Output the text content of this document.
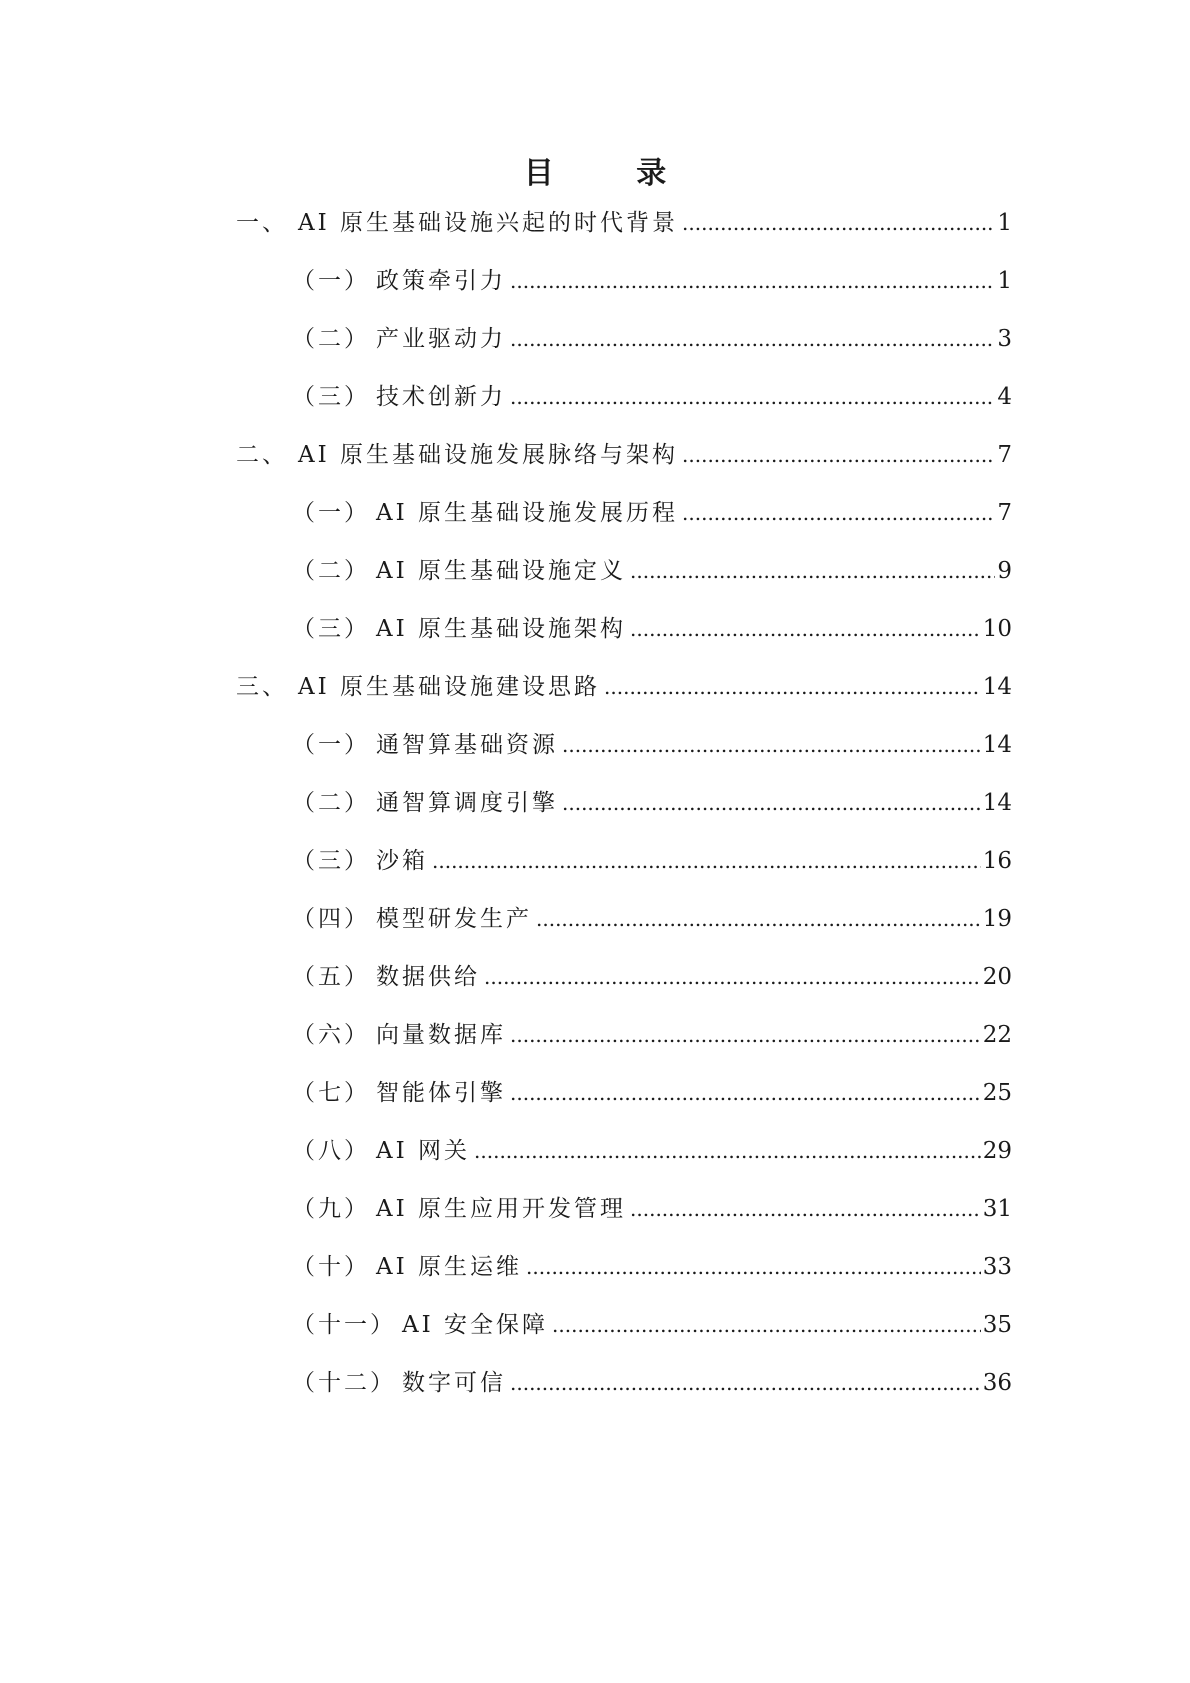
目 录
一、 AI 原生基础设施兴起的时代背景 .....	1
（一） 政策牵引力 .....	1
（二） 产业驱动力 .....	3
（三） 技术创新力 .....	4
二、 AI 原生基础设施发展脉络与架构 .....	7
（一） AI 原生基础设施发展历程 .....	7
（二） AI 原生基础设施定义 .....	9
（三） AI 原生基础设施架构 .....	10
三、 AI 原生基础设施建设思路 .....	14
（一） 通智算基础资源 .....	14
（二） 通智算调度引擎 .....	14
（三） 沙箱 .....	16
（四） 模型研发生产 .....	19
（五） 数据供给 .....	20
（六） 向量数据库 .....	22
（七） 智能体引擎 .....	25
（八） AI 网关 .....	29
（九） AI 原生应用开发管理 .....	31
（十） AI 原生运维 .....	33
（十一） AI 安全保障 .....	35
（十二） 数字可信 .....	36
